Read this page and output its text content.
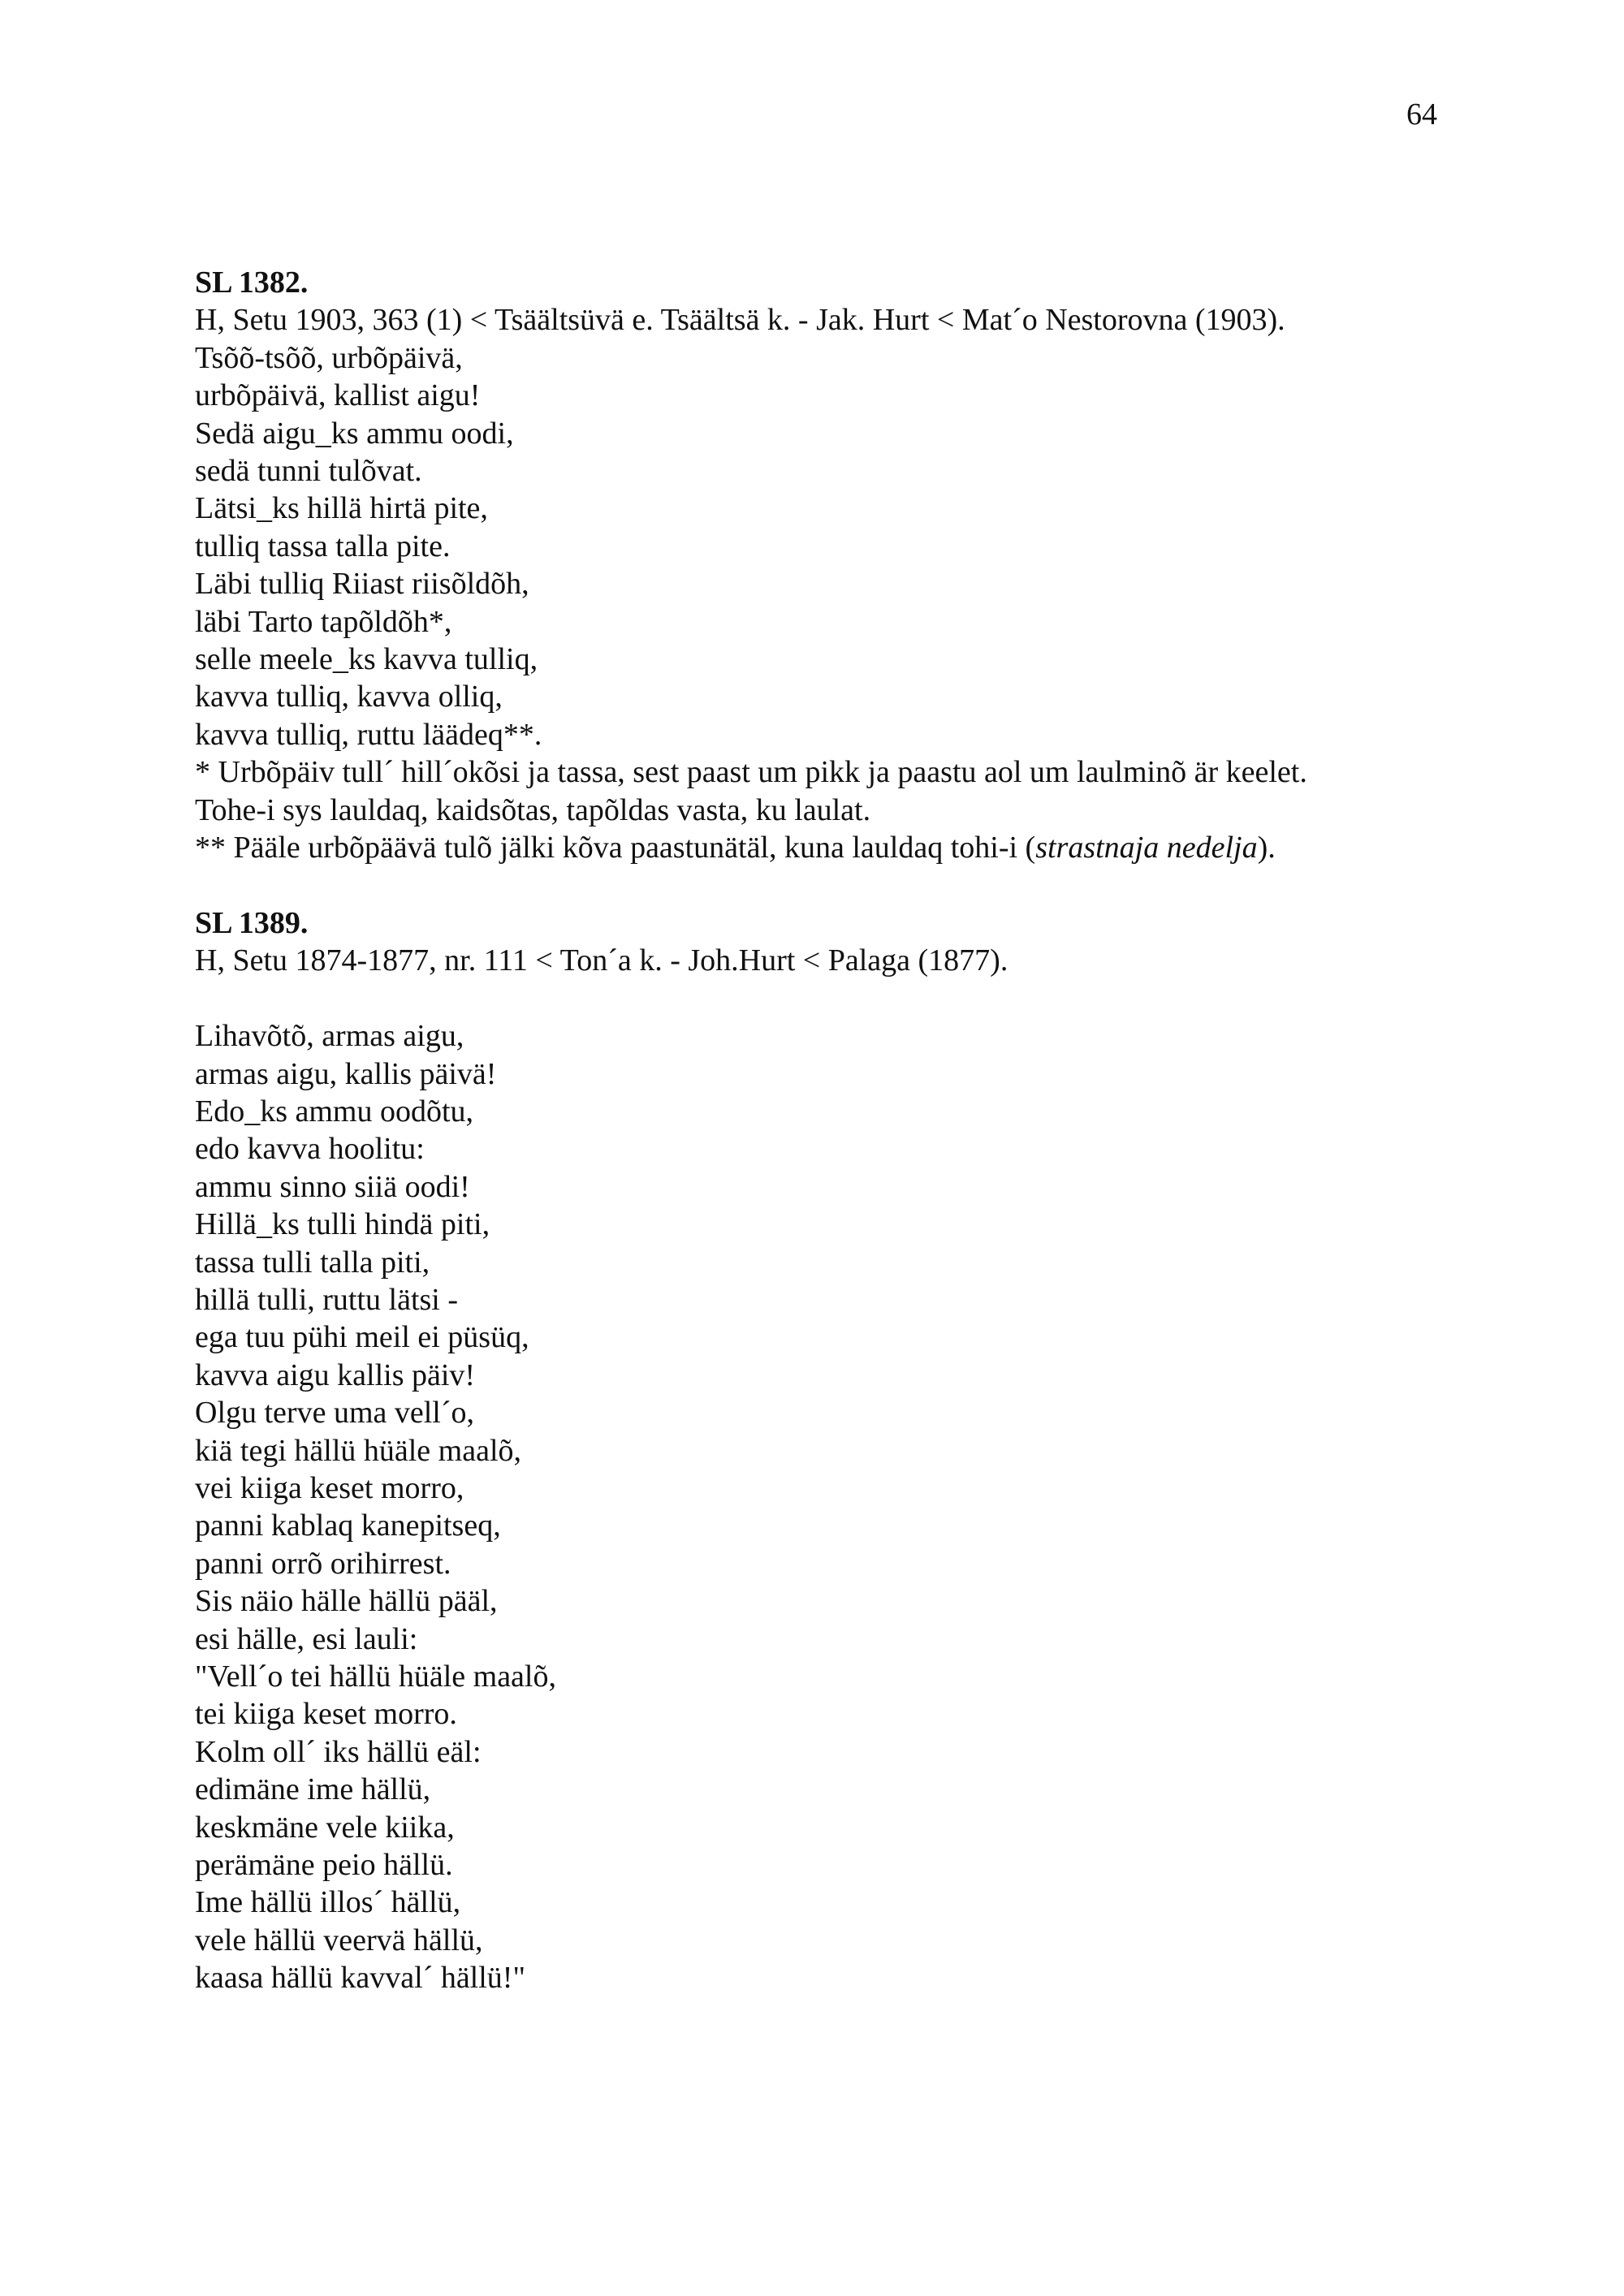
64
SL 1382.
H, Setu 1903, 363 (1) < Tsäältsüvä e. Tsäältsä k. - Jak. Hurt < Mat´o Nestorovna (1903).
Tsõõ-tsõõ, urbõpäivä,
urbõpäivä, kallist aigu!
Sedä aigu_ks ammu oodi,
sedä tunni tulõvat.
Lätsi_ks hillä hirtä pite,
tulliq tassa talla pite.
Läbi tulliq Riiast riisõldõh,
läbi Tarto tapõldõh*,
selle meele_ks kavva tulliq,
kavva tulliq, kavva olliq,
kavva tulliq, ruttu läädeq**.
* Urbõpäiv tull´ hill´okõsi ja tassa, sest paast um pikk ja paastu aol um laulminõ är keelet.
Tohe-i sys lauldaq, kaidsõtas, tapõldas vasta, ku laulat.
** Pääle urbõpäävä tulõ jälki kõva paastunätäl, kuna lauldaq tohi-i (strastnaja nedelja).
SL 1389.
H, Setu 1874-1877, nr. 111 < Ton´a k. - Joh.Hurt < Palaga (1877).
Lihavõtõ, armas aigu,
armas aigu, kallis päivä!
Edo_ks ammu oodõtu,
edo kavva hoolitu:
ammu sinno siiä oodi!
Hillä_ks tulli hindä piti,
tassa tulli talla piti,
hillä tulli, ruttu lätsi -
ega tuu pühi meil ei püsüq,
kavva aigu kallis päiv!
Olgu terve uma vell´o,
kiä tegi hällü hüäle maalõ,
vei kiiga keset morro,
panni kablaq kanepitseq,
panni orrõ orihirrest.
Sis näio hälle hällü pääl,
esi hälle, esi lauli:
"Vell´o tei hällü hüäle maalõ,
tei kiiga keset morro.
Kolm oll´ iks hällü eäl:
edimäne ime hällü,
keskmäne vele kiika,
perämäne peio hällü.
Ime hällü illos´ hällü,
vele hällü veervä hällü,
kaasa hällü kavval´ hällü!"
